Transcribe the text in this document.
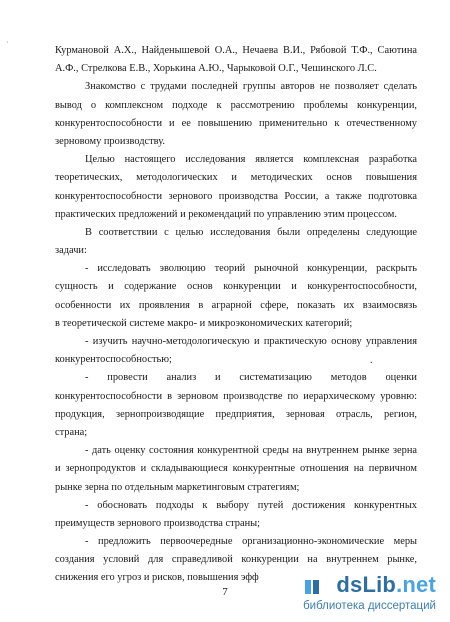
·
Курмановой А.Х., Найденышевой О.А., Нечаева В.И., Рябовой Т.Ф., Саютина
А.Ф., Стрелкова Е.В., Хорькина А.Ю., Чарыковой О.Г., Чешинского Л.С.
Знакомство с трудами последней группы авторов не позволяет сделать
вывод о комплексном подходе к рассмотрению проблемы конкуренции,
конкурентоспособности и ее повышению применительно к отечественному
зерновому производству.
Целью настоящего исследования является комплексная разработка
теоретических, методологических и методических основ повышения
конкурентоспособности зернового производства России, а также подготовка
практических предложений и рекомендаций по управлению этим процессом.
В соответствии с целью исследования были определены следующие
задачи:
- исследовать эволюцию теорий рыночной конкуренции, раскрыть
сущность и содержание основ конкуренции и конкурентоспособности,
особенности их проявления в аграрной сфере, показать их взаимосвязь
в теоретической системе макро- и микроэкономических категорий;
- изучить научно-методологическую и практическую основу управления
конкурентоспособностью;
- провести анализ и систематизацию методов оценки
конкурентоспособности в зерновом производстве по иерархическому уровню:
продукция, зернопроизводящие предприятия, зерновая отрасль, регион,
страна;
- дать оценку состояния конкурентной среды на внутреннем рынке зерна
и зернопродуктов и складывающиеся конкурентные отношения на первичном
рынке зерна по отдельным маркетинговым стратегиям;
- обосновать подходы к выбору путей достижения конкурентных
преимуществ зернового производства страны;
- предложить первоочередные организационно-экономические меры
создания условий для справедливой конкуренции на внутреннем рынке,
снижения его угроз и рисков, повышения эфф
.
7	dsLib.net
библиотека диссертаций
